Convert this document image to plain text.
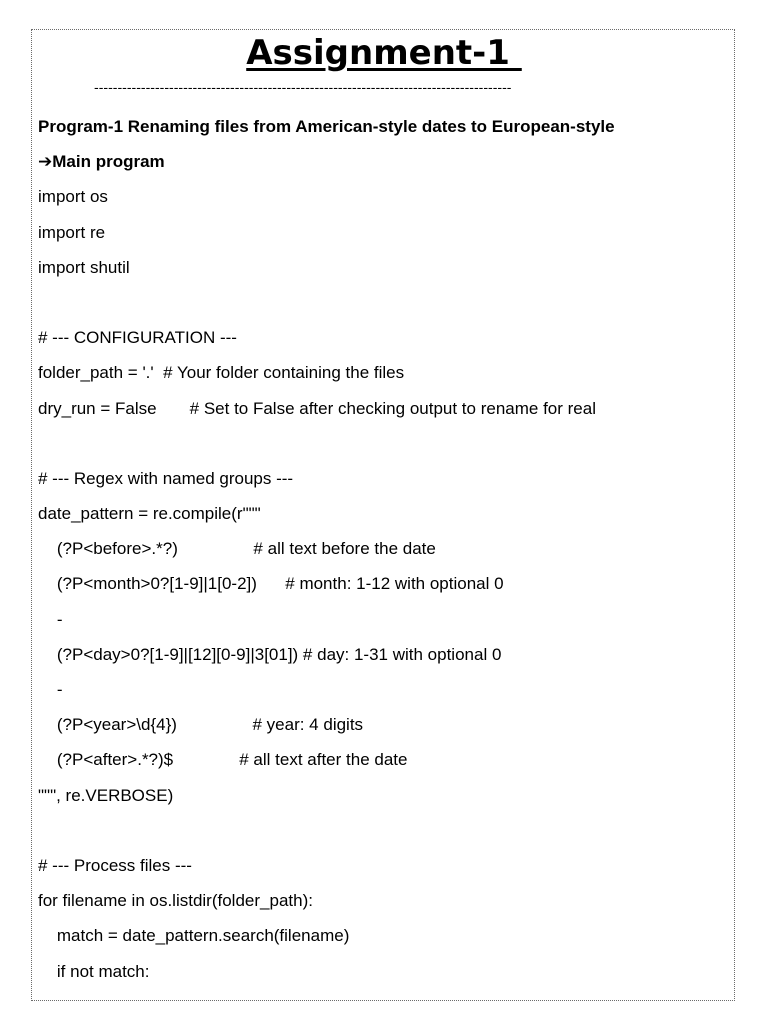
Assignment-1
-----------------------------------------------------------------------------------------
Program-1 Renaming files from American-style dates to European-style
➔Main program
import os
import re
import shutil
# --- CONFIGURATION ---
folder_path = '.'  # Your folder containing the files
dry_run = False       # Set to False after checking output to rename for real
# --- Regex with named groups ---
date_pattern = re.compile(r"""
(?P<before>.*?)                # all text before the date
(?P<month>0?[1-9]|1[0-2])      # month: 1-12 with optional 0
-
(?P<day>0?[1-9]|[12][0-9]|3[01]) # day: 1-31 with optional 0
-
(?P<year>\d{4})                # year: 4 digits
(?P<after>.*?)$              # all text after the date
""", re.VERBOSE)
# --- Process files ---
for filename in os.listdir(folder_path):
match = date_pattern.search(filename)
if not match:
